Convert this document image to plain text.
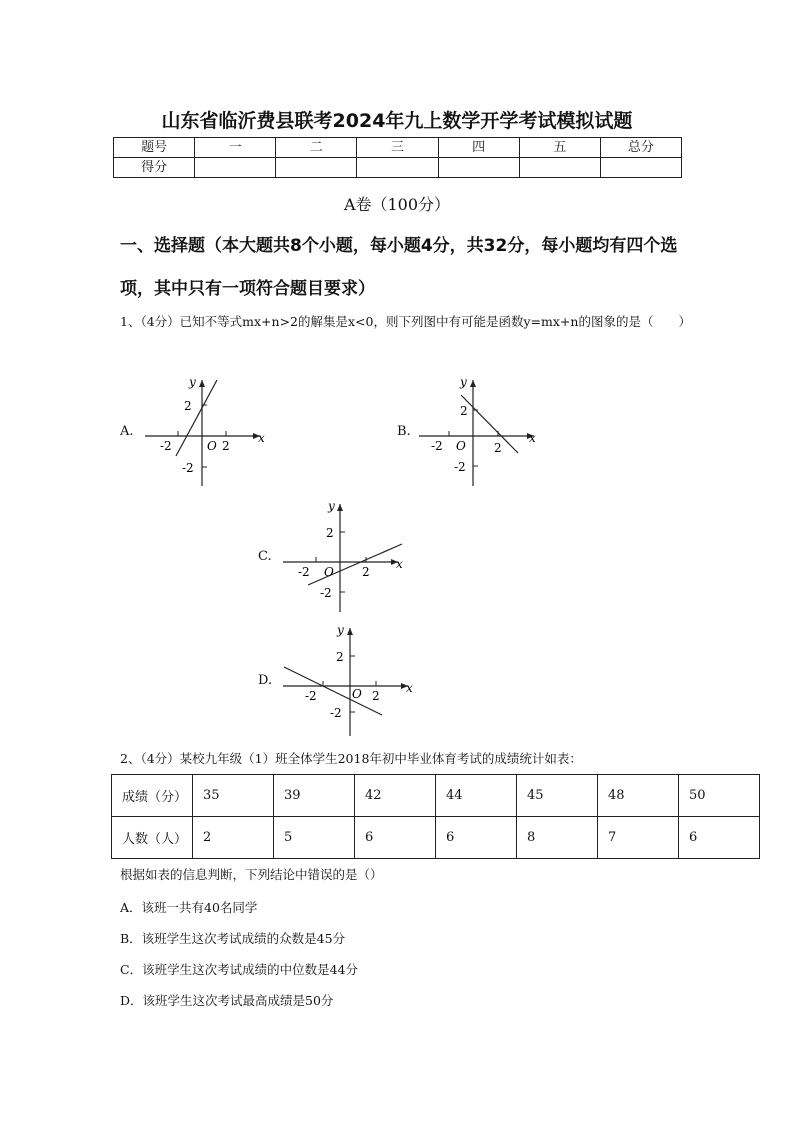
山东省临沂费县联考2024年九上数学开学考试模拟试题
题号	一	二	三	四	五	总分
得分						
A卷（100分）
一、选择题（本大题共8个小题，每小题4分，共32分，每小题均有四个选项，其中只有一项符合题目要求）
1、（4分）已知不等式mx+n>2的解集是x<0，则下列图中有可能是函数y=mx+n的图象的是（　　）
A.	x
y
O
-2	2
2
-2
B.	x
y
O
-2	2
2
-2
C.	x
y
O
-2	2
2
-2
D.	x
y
O
-2	2
2
-2
2、（4分）某校九年级（1）班全体学生2018年初中毕业体育考试的成绩统计如表：
成绩（分）	35	39	42	44	45	48	50
人数（人）	2	5	6	6	8	7	6
根据如表的信息判断，下列结论中错误的是（）
A．该班一共有40名同学
B．该班学生这次考试成绩的众数是45分
C．该班学生这次考试成绩的中位数是44分
D．该班学生这次考试最高成绩是50分
